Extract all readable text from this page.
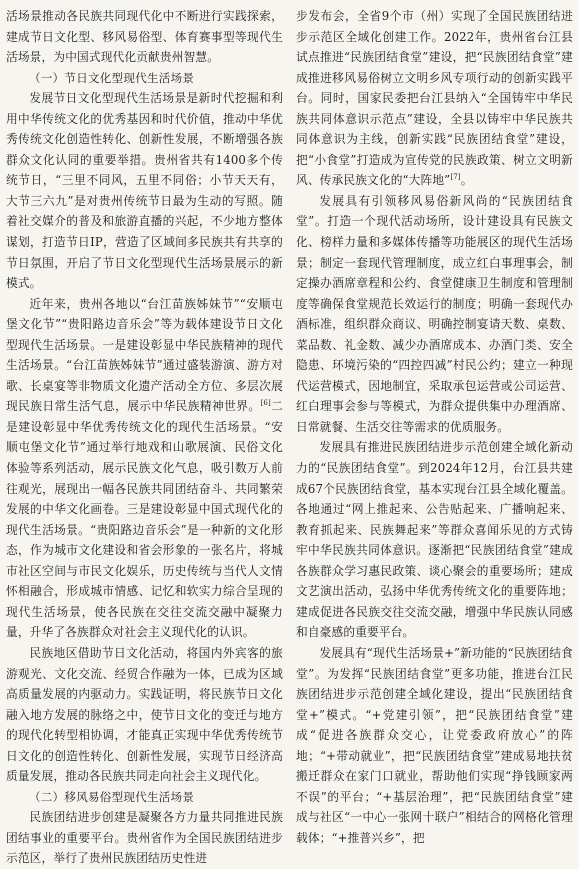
活场景推动各民族共同现代化中不断进行实践探索，建成节日文化型、移风易俗型、体育赛事型等现代生活场景，为中国式现代化贡献贵州智慧。

（一）节日文化型现代生活场景

发展节日文化型现代生活场景是新时代挖掘和利用中华传统文化的优秀基因和时代价值，推动中华优秀传统文化创造性转化、创新性发展，不断增强各族群众文化认同的重要举措。贵州省共有1400多个传统节日，“三里不同风，五里不同俗；小节天天有，大节三六九”是对贵州传统节日最为生动的写照。随着社交媒介的普及和旅游直播的兴起，不少地方整体谋划，打造节日IP，营造了区域间多民族共有共享的节日氛围，开启了节日文化型现代生活场景展示的新模式。

近年来，贵州各地以“台江苗族姊妹节”“安顺屯堡文化节”“贵阳路边音乐会”等为载体建设节日文化型现代生活场景。一是建设彰显中华民族精神的现代生活场景。“台江苗族姊妹节”通过盛装游演、游方对歌、长桌宴等非物质文化遗产活动全方位、多层次展现民族日常生活气息，展示中华民族精神世界。[6]二是建设彰显中华优秀传统文化的现代生活场景。“安顺屯堡文化节”通过举行地戏和山歌展演、民俗文化体验等系列活动，展示民族文化气息，吸引数万人前往观光，展现出一幅各民族共同团结奋斗、共同繁荣发展的中华文化画卷。三是建设彰显中国式现代化的现代生活场景。“贵阳路边音乐会”是一种新的文化形态，作为城市文化建设和省会形象的一张名片，将城市社区空间与市民文化娱乐，历史传统与当代人文情怀相融合，形成城市情感、记忆和软实力综合呈现的现代生活场景，使各民族在交往交流交融中凝聚力量，升华了各族群众对社会主义现代化的认识。

民族地区借助节日文化活动，将国内外宾客的旅游观光、文化交流、经贸合作融为一体，已成为区域高质量发展的内驱动力。实践证明，将民族节日文化融入地方发展的脉络之中，使节日文化的变迁与地方的现代化转型相协调，才能真正实现中华优秀传统节日文化的创造性转化、创新性发展，实现节日经济高质量发展，推动各民族共同走向社会主义现代化。

（二）移风易俗型现代生活场景

民族团结进步创建是凝聚各方力量共同推进民族团结事业的重要平台。贵州省作为全国民族团结进步示范区，举行了贵州民族团结历史性进

步发布会，全省9个市（州）实现了全国民族团结进步示范区全域化创建工作。2022年，贵州省台江县试点推进“民族团结食堂”建设，把“民族团结食堂”建成推进移风易俗树立文明乡风专项行动的创新实践平台。同时，国家民委把台江县纳入“全国铸牢中华民族共同体意识示范点”建设，全县以铸牢中华民族共同体意识为主线，创新实践“民族团结食堂”建设，把“小食堂”打造成为宣传党的民族政策、树立文明新风、传承民族文化的“大阵地”[7]。

发展具有引领移风易俗新风尚的“民族团结食堂”。打造一个现代活动场所，设计建设具有民族文化、榜样力量和多媒体传播等功能展区的现代生活场景；制定一套现代管理制度，成立红白事理事会，制定操办酒席章程和公约、食堂健康卫生制度和管理制度等确保食堂规范长效运行的制度；明确一套现代办酒标准，组织群众商议、明确控制宴请天数、桌数、菜品数、礼金数、减少办酒席成本、办酒门类、安全隐患、环境污染的“四控四减”村民公约；建立一种现代运营模式，因地制宜，采取承包运营或公司运营、红白理事会参与等模式，为群众提供集中办理酒席、日常就餐、生活交往等需求的优质服务。

发展具有推进民族团结进步示范创建全域化新动力的“民族团结食堂”。到2024年12月，台江县共建成67个民族团结食堂，基本实现台江县全域化覆盖。各地通过“网上推起来、公告贴起来、广播响起来、教育抓起来、民族舞起来”等群众喜闻乐见的方式铸牢中华民族共同体意识。逐渐把“民族团结食堂”建成各族群众学习惠民政策、谈心聚会的重要场所；建成文艺演出活动，弘扬中华优秀传统文化的重要阵地；建成促进各民族交往交流交融，增强中华民族认同感和自豪感的重要平台。

发展具有“现代生活场景+”新功能的“民族团结食堂”。为发挥“民族团结食堂”更多功能，推进台江民族团结进步示范创建全域化建设，提出“民族团结食堂+”模式。“+党建引领”，把“民族团结食堂”建成“促进各族群众交心，让党委政府放心”的阵地；“+带动就业”，把“民族团结食堂”建成易地扶贫搬迁群众在家门口就业，帮助他们实现“挣钱顾家两不误”的平台；“+基层治理”，把“民族团结食堂”建成与社区“一中心一张网十联户”相结合的网格化管理载体；“+推普兴乡”，把
